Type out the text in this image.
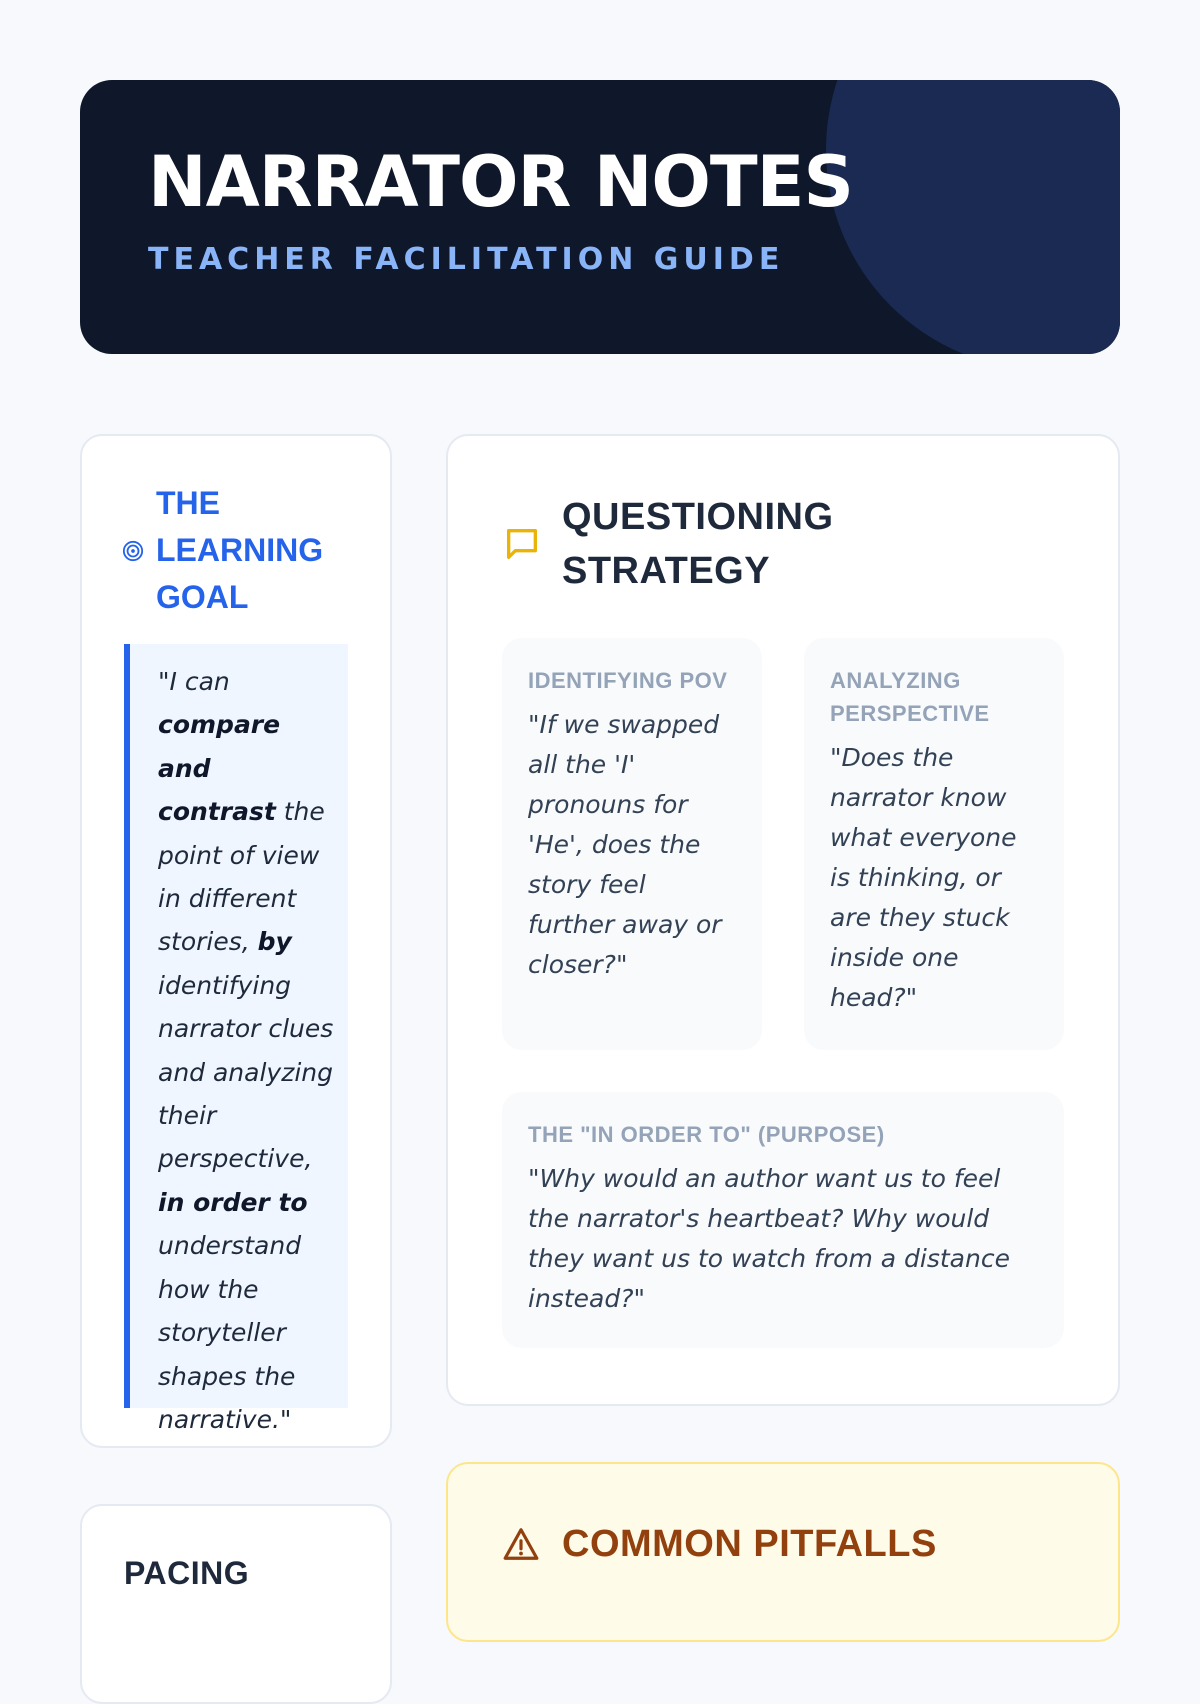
NARRATOR NOTES
TEACHER FACILITATION GUIDE
THE LEARNING GOAL
"I can compare and contrast the point of view in different stories, by identifying narrator clues and analyzing their perspective, in order to understand how the storyteller shapes the narrative."
QUESTIONING
STRATEGY
IDENTIFYING POV
"If we swapped all the 'I' pronouns for 'He', does the story feel further away or closer?"
ANALYZING PERSPECTIVE
"Does the narrator know what everyone is thinking, or are they stuck inside one head?"
THE "IN ORDER TO" (PURPOSE)
"Why would an author want us to feel the narrator's heartbeat? Why would they want us to watch from a distance instead?"
PACING
COMMON PITFALLS
